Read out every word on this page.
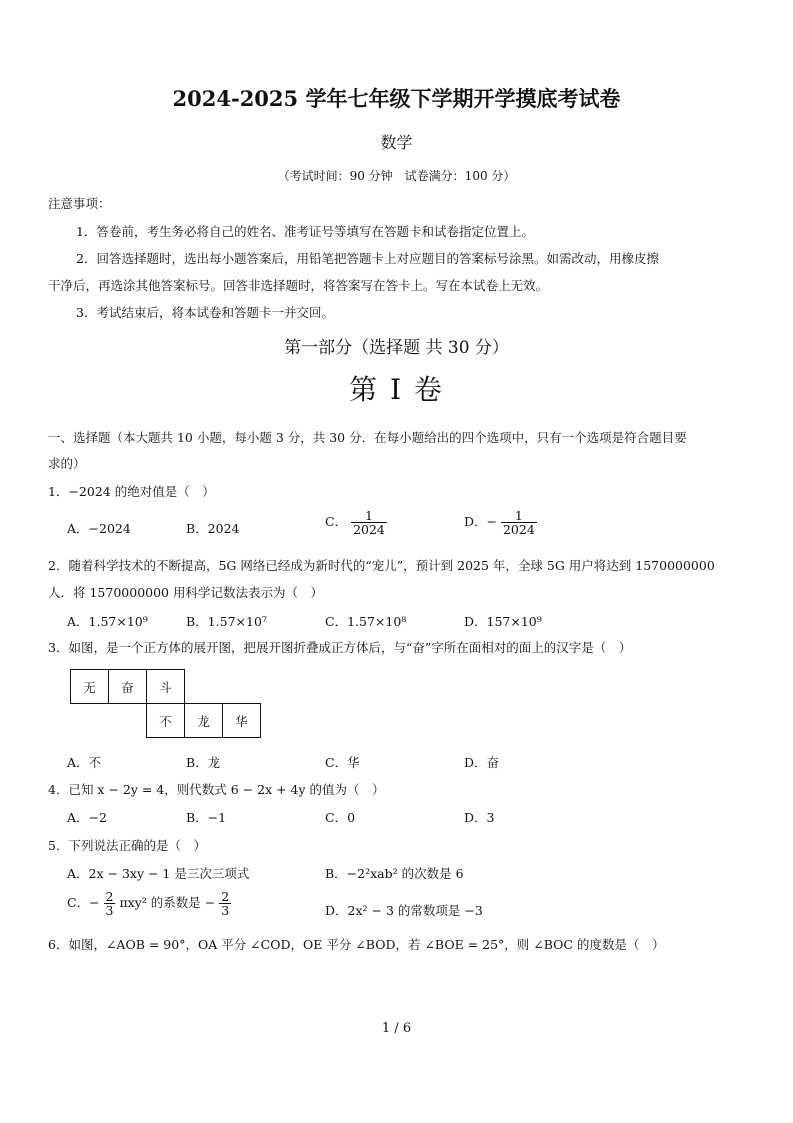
2024-2025 学年七年级下学期开学摸底考试卷
数学
（考试时间：90 分钟　试卷满分：100 分）
注意事项：
1．答卷前，考生务必将自己的姓名、准考证号等填写在答题卡和试卷指定位置上。
2．回答选择题时，选出每小题答案后，用铅笔把答题卡上对应题目的答案标号涂黑。如需改动，用橡皮擦
干净后，再选涂其他答案标号。回答非选择题时，将答案写在答卡上。写在本试卷上无效。
3．考试结束后，将本试卷和答题卡一并交回。
第一部分（选择题 共 30 分）
第 I 卷
一、选择题（本大题共 10 小题，每小题 3 分，共 30 分．在每小题给出的四个选项中，只有一个选项是符合题目要
求的）
1．−2024 的绝对值是（　）
A．−2024	B．2024	C． $\frac{1}{2024}$	D．− $\frac{1}{2024}$
2．随着科学技术的不断提高，5G 网络已经成为新时代的“宠儿”，预计到 2025 年，全球 5G 用户将达到 1570000000
人．将 1570000000 用科学记数法表示为（　）
A．1.57×10⁹	B．1.57×10⁷	C．1.57×10⁸	D．157×10⁹
3．如图，是一个正方体的展开图，把展开图折叠成正方体后，与“奋”字所在面相对的面上的汉字是（　）
无	奋	斗		
		不	龙	华
A．不	B．龙	C．华	D．奋
4．已知 x − 2y = 4，则代数式 6 − 2x + 4y 的值为（　）
A．−2	B．−1	C．0	D．3
5．下列说法正确的是（　）
A．2x − 3xy − 1 是三次三项式	B．−2²xab² 的次数是 6
C．− $\frac{2}{3} \pi xy^2$ 的系数是 − $\frac{2}{3}$	D．2x² − 3 的常数项是 −3
6．如图，∠AOB = 90°，OA 平分 ∠COD，OE 平分 ∠BOD，若 ∠BOE = 25°，则 ∠BOC 的度数是（　）
1 / 6
